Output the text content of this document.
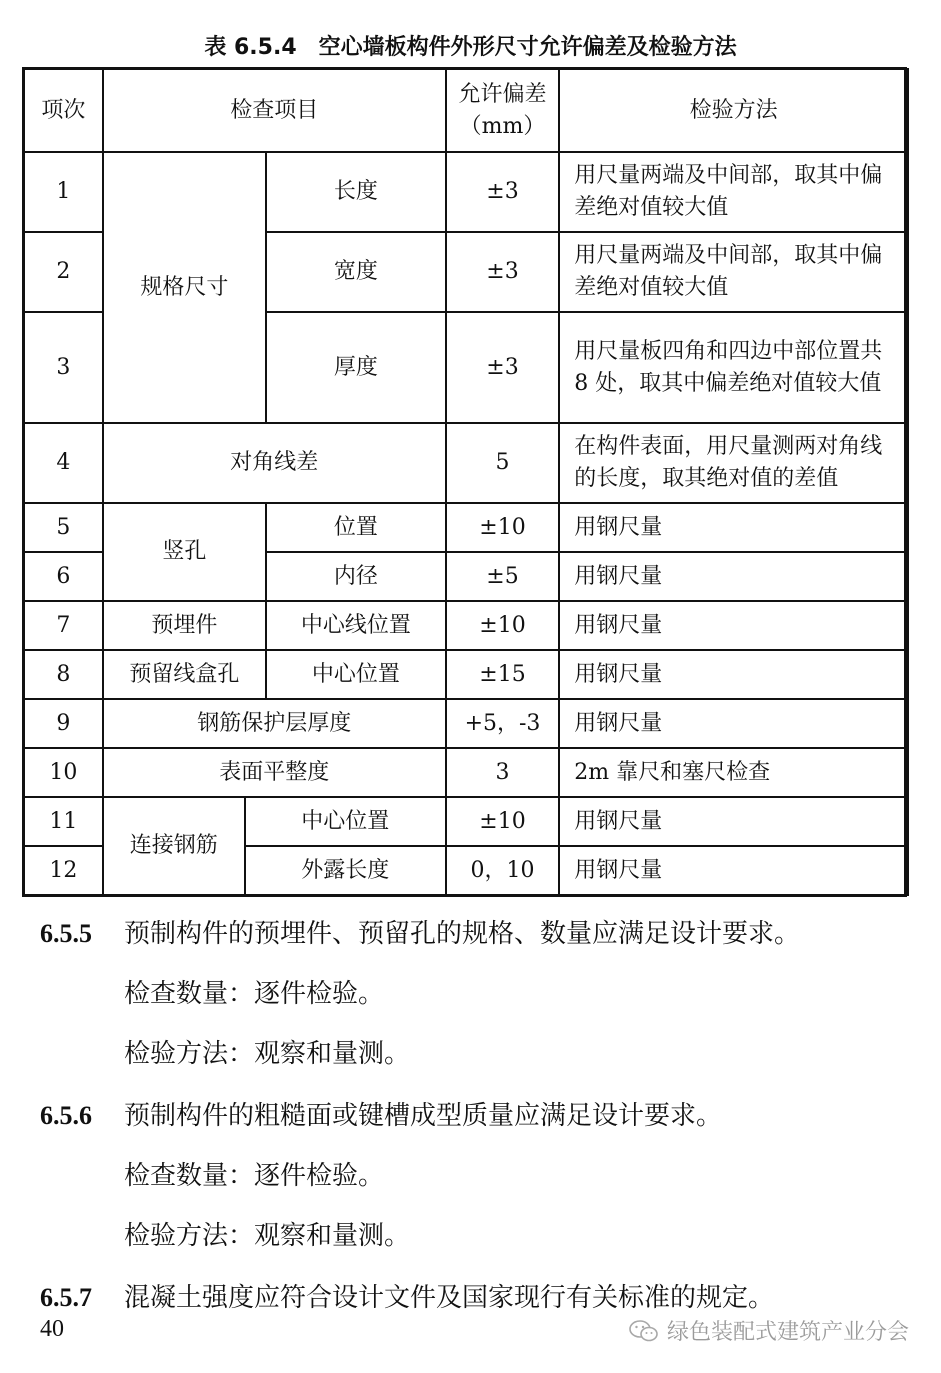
表 6.5.4　空心墙板构件外形尺寸允许偏差及检验方法
项次	检查项目			允许偏差（mm）	检验方法
1	规格尺寸		长度	±3	用尺量两端及中间部，取其中偏差绝对值较大值
2			宽度	±3	用尺量两端及中间部，取其中偏差绝对值较大值
3			厚度	±3	用尺量板四角和四边中部位置共 8 处，取其中偏差绝对值较大值
4	对角线差			5	在构件表面，用尺量测两对角线的长度，取其绝对值的差值
5	竖孔		位置	±10	用钢尺量
6			内径	±5	用钢尺量
7	预埋件		中心线位置	±10	用钢尺量
8	预留线盒孔		中心位置	±15	用钢尺量
9	钢筋保护层厚度			+5，-3	用钢尺量
10	表面平整度			3	2m 靠尺和塞尺检查
11	连接钢筋	中心位置		±10	用钢尺量
12		外露长度		0，10	用钢尺量
6.5.5 预制构件的预埋件、预留孔的规格、数量应满足设计要求。
检查数量：逐件检验。
检验方法：观察和量测。
6.5.6 预制构件的粗糙面或键槽成型质量应满足设计要求。
检查数量：逐件检验。
检验方法：观察和量测。
6.5.7 混凝土强度应符合设计文件及国家现行有关标准的规定。
40	绿色装配式建筑产业分会
